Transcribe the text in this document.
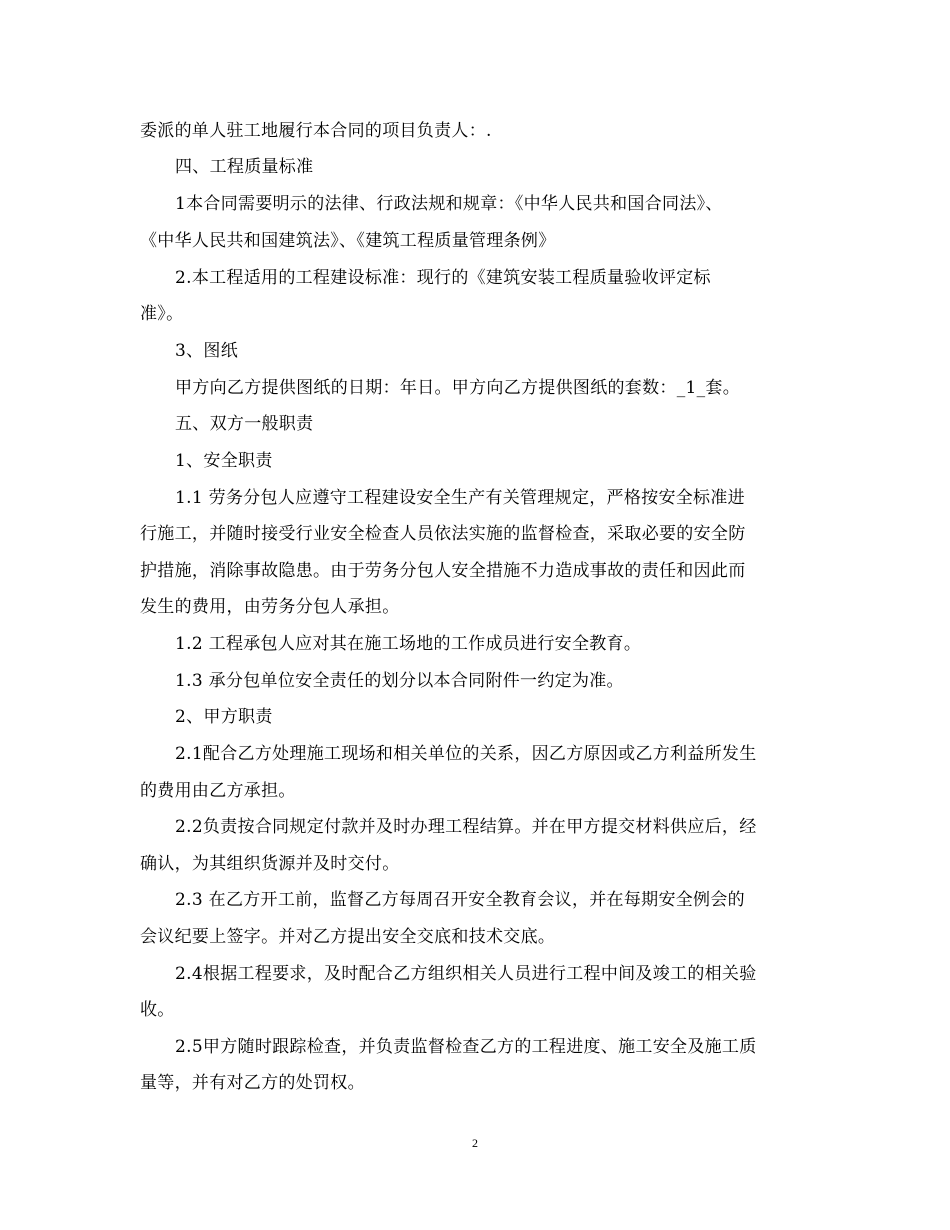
委派的单人驻工地履行本合同的项目负责人：.
四、工程质量标准
1本合同需要明示的法律、行政法规和规章：《中华人民共和国合同法》、
《中华人民共和国建筑法》、《建筑工程质量管理条例》
2.本工程适用的工程建设标准：现行的《建筑安装工程质量验收评定标
准》。
3、图纸
甲方向乙方提供图纸的日期：年日。甲方向乙方提供图纸的套数：_1_套。
五、双方一般职责
1、安全职责
1.1 劳务分包人应遵守工程建设安全生产有关管理规定，严格按安全标准进
行施工，并随时接受行业安全检查人员依法实施的监督检查，采取必要的安全防
护措施，消除事故隐患。由于劳务分包人安全措施不力造成事故的责任和因此而
发生的费用，由劳务分包人承担。
1.2 工程承包人应对其在施工场地的工作成员进行安全教育。
1.3 承分包单位安全责任的划分以本合同附件一约定为准。
2、甲方职责
2.1配合乙方处理施工现场和相关单位的关系，因乙方原因或乙方利益所发生
的费用由乙方承担。
2.2负责按合同规定付款并及时办理工程结算。并在甲方提交材料供应后，经
确认，为其组织货源并及时交付。
2.3 在乙方开工前，监督乙方每周召开安全教育会议，并在每期安全例会的
会议纪要上签字。并对乙方提出安全交底和技术交底。
2.4根据工程要求，及时配合乙方组织相关人员进行工程中间及竣工的相关验
收。
2.5甲方随时跟踪检查，并负责监督检查乙方的工程进度、施工安全及施工质
量等，并有对乙方的处罚权。
2
